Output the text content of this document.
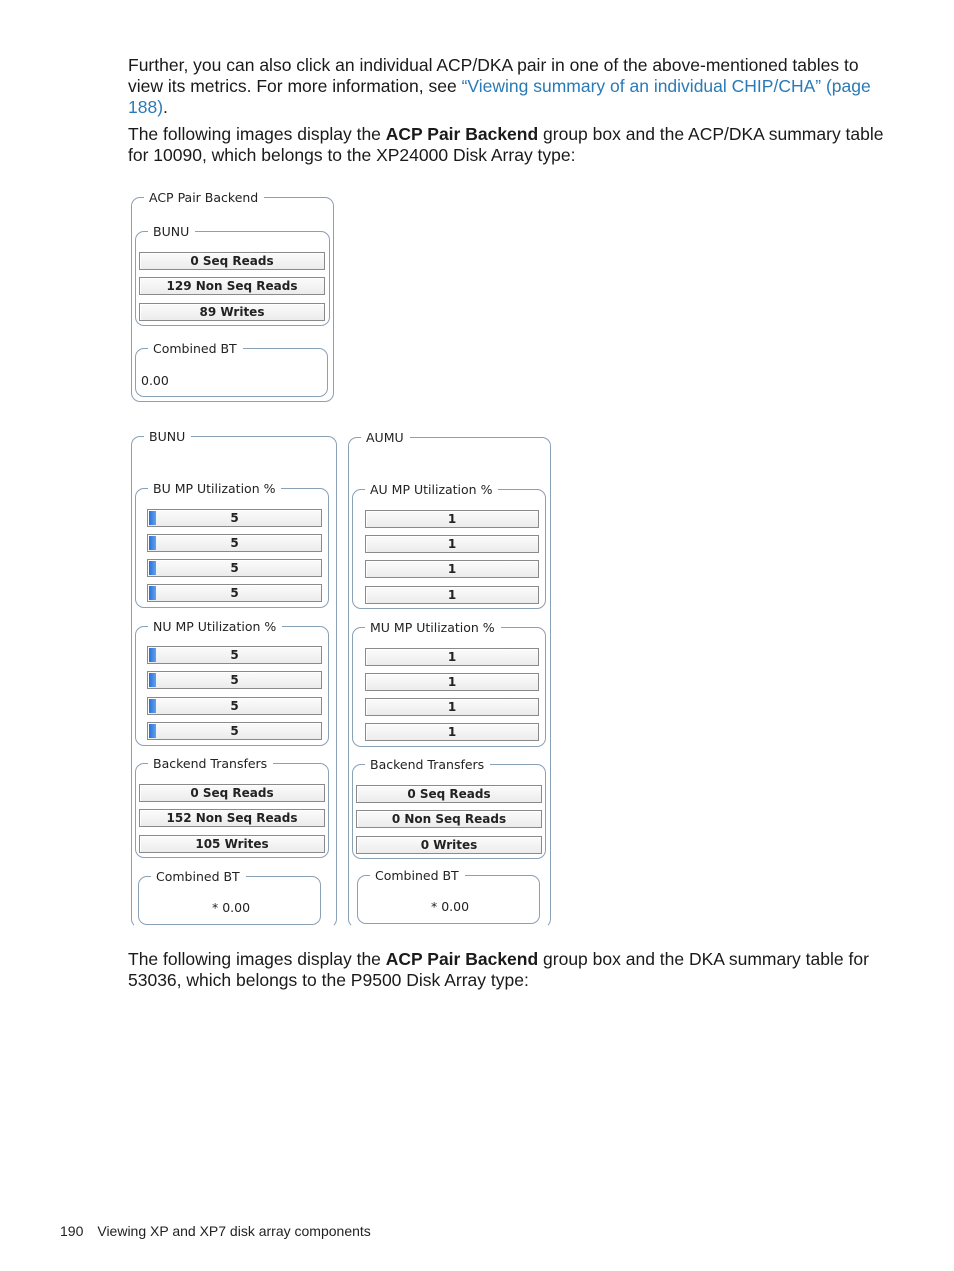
Further, you can also click an individual ACP/DKA pair in one of the above-mentioned tables to view its metrics. For more information, see “Viewing summary of an individual CHIP/CHA” (page 188).

The following images display the ACP Pair Backend group box and the ACP/DKA summary table for 10090, which belongs to the XP24000 Disk Array type:

ACP Pair Backend
BUNU
0 Seq Reads
129 Non Seq Reads
89 Writes
Combined BT
0.00
BUNU
BU MP Utilization %
5
5
5
5
NU MP Utilization %
5
5
5
5
Backend Transfers
0 Seq Reads
152 Non Seq Reads
105 Writes
Combined BT
* 0.00
AUMU
AU MP Utilization %
1
1
1
1
MU MP Utilization %
1
1
1
1
Backend Transfers
0 Seq Reads
0 Non Seq Reads
0 Writes
Combined BT
* 0.00

The following images display the ACP Pair Backend group box and the DKA summary table for 53036, which belongs to the P9500 Disk Array type:

190 Viewing XP and XP7 disk array components
